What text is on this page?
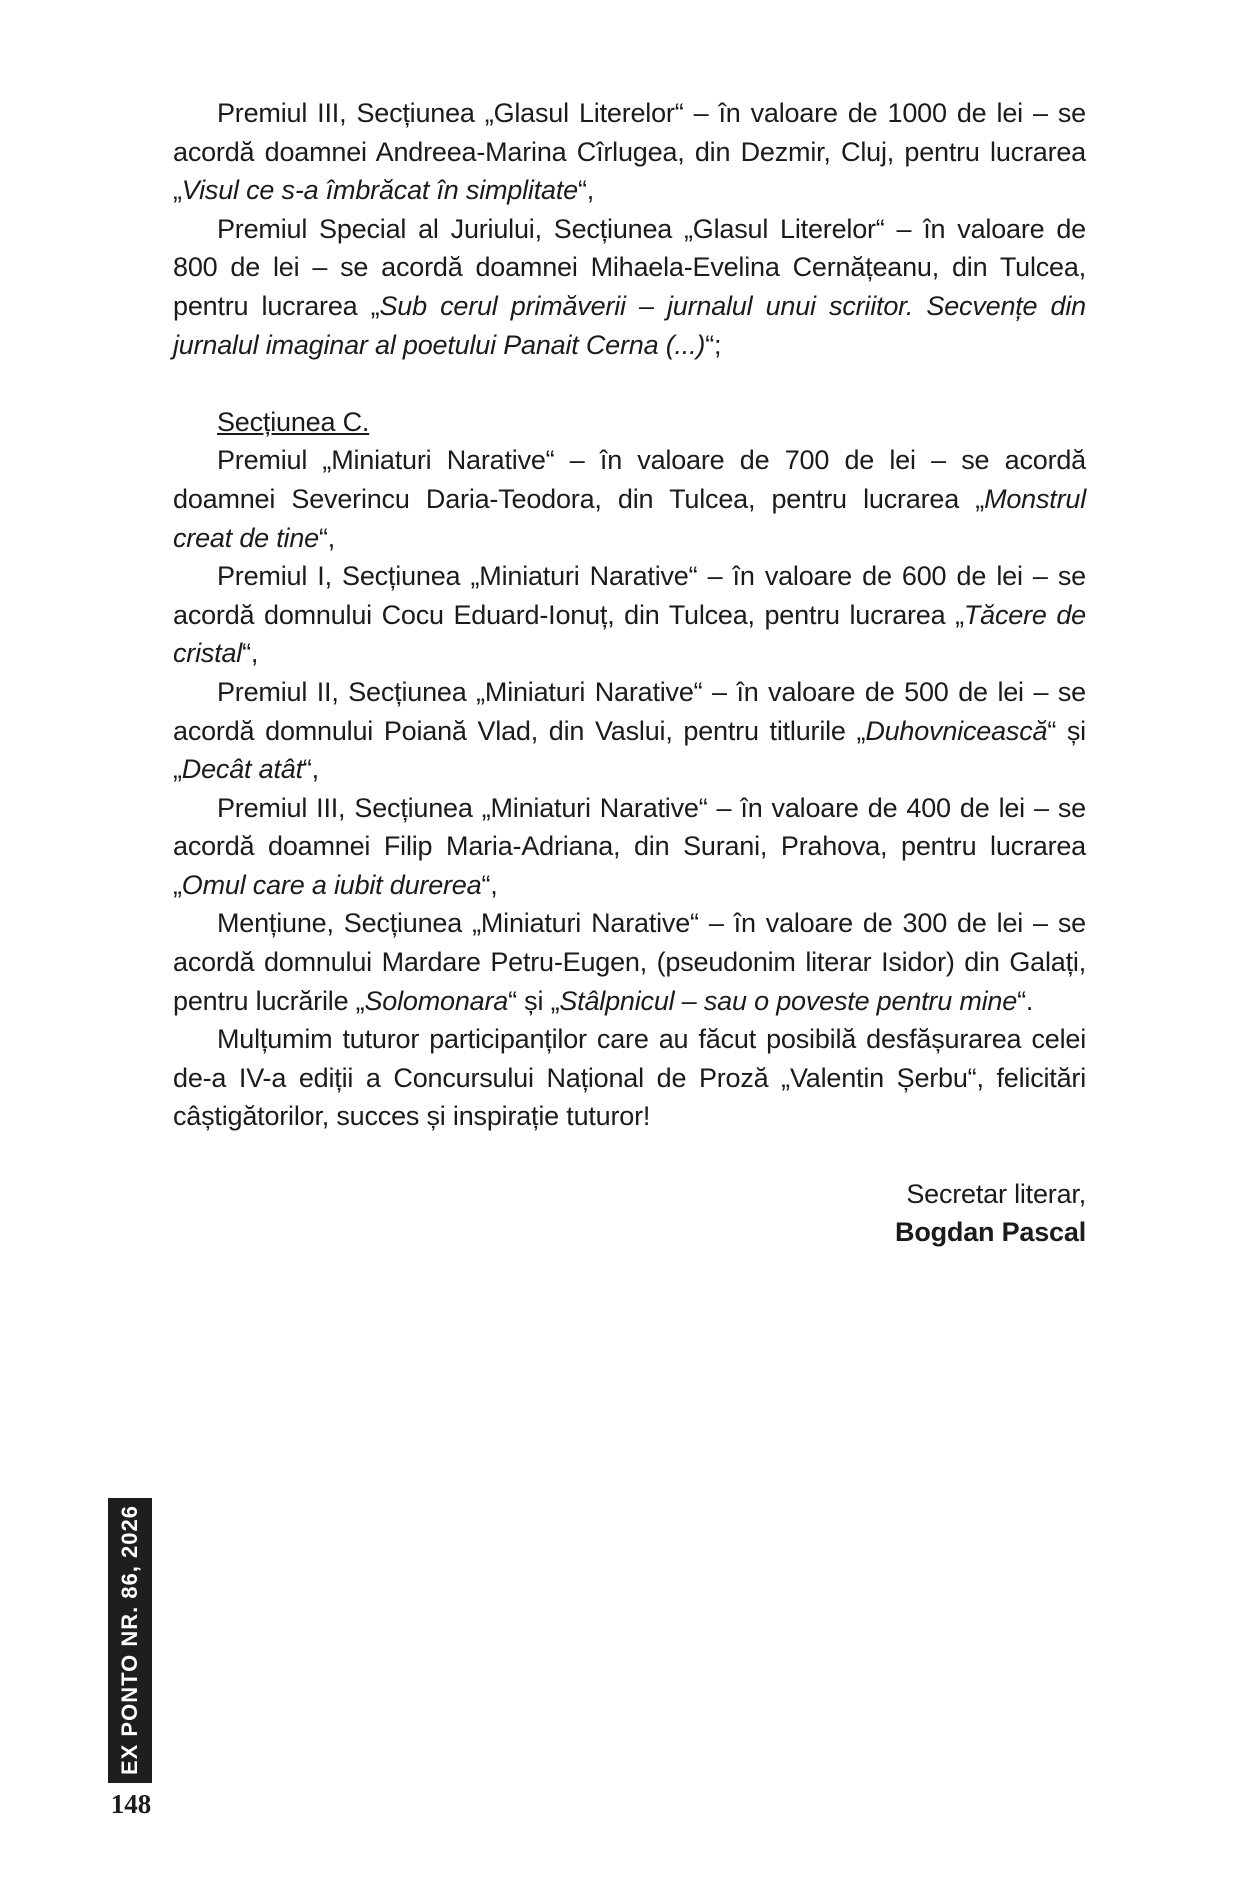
Premiul III, Secțiunea „Glasul Literelor“ – în valoare de 1000 de lei – se acordă doamnei Andreea-Marina Cîrlugea, din Dezmir, Cluj, pentru lucrarea „Visul ce s-a îmbrăcat în simplitate“,

Premiul Special al Juriului, Secțiunea „Glasul Literelor“ – în valoare de 800 de lei – se acordă doamnei Mihaela-Evelina Cernățeanu, din Tulcea, pentru lucrarea „Sub cerul primăverii – jurnalul unui scriitor. Secvențe din jurnalul imaginar al poetului Panait Cerna (...)“;

Secțiunea C.

Premiul „Miniaturi Narative“ – în valoare de 700 de lei – se acordă doamnei Severincu Daria-Teodora, din Tulcea, pentru lucrarea „Monstrul creat de tine“,

Premiul I, Secțiunea „Miniaturi Narative“ – în valoare de 600 de lei – se acordă domnului Cocu Eduard-Ionuț, din Tulcea, pentru lucrarea „Tăcere de cristal“,

Premiul II, Secțiunea „Miniaturi Narative“ – în valoare de 500 de lei – se acordă domnului Poiană Vlad, din Vaslui, pentru titlurile „Duhovnicească“ și „Decât atât“,

Premiul III, Secțiunea „Miniaturi Narative“ – în valoare de 400 de lei – se acordă doamnei Filip Maria-Adriana, din Surani, Prahova, pentru lucrarea „Omul care a iubit durerea“,

Mențiune, Secțiunea „Miniaturi Narative“ – în valoare de 300 de lei – se acordă domnului Mardare Petru-Eugen, (pseudonim literar Isidor) din Galați, pentru lucrările „Solomonara“ și „Stâlpnicul – sau o poveste pentru mine“.

Mulțumim tuturor participanților care au făcut posibilă desfășurarea celei de-a IV-a ediții a Concursului Național de Proză „Valentin Șerbu“, felicitări câștigătorilor, succes și inspirație tuturor!

Secretar literar,

Bogdan Pascal

EX PONTO NR. 86, 2026
148
